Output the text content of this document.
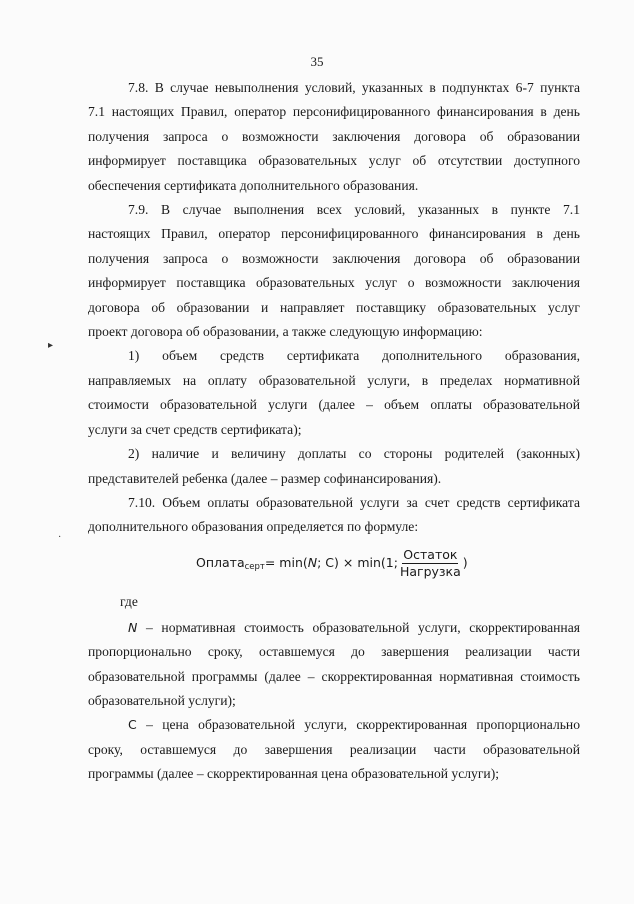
35
▸
·

7.8. В случае невыполнения условий, указанных в подпунктах 6-7 пункта

7.1 настоящих Правил, оператор персонифицированного финансирования в день

получения запроса о возможности заключения договора об образовании

информирует поставщика образовательных услуг об отсутствии доступного

обеспечения сертификата дополнительного образования.

7.9. В случае выполнения всех условий, указанных в пункте 7.1

настоящих Правил, оператор персонифицированного финансирования в день

получения запроса о возможности заключения договора об образовании

информирует поставщика образовательных услуг о возможности заключения

договора об образовании и направляет поставщику образовательных услуг

проект договора об образовании, а также следующую информацию:

1) объем средств сертификата дополнительного образования,

направляемых на оплату образовательной услуги, в пределах нормативной

стоимости образовательной услуги (далее – объем оплаты образовательной

услуги за счет средств сертификата);

2) наличие и величину доплаты со стороны родителей (законных)

представителей ребенка (далее – размер софинансирования).

7.10. Объем оплаты образовательной услуги за счет средств сертификата

дополнительного образования определяется по формуле:

Оплата серт = min( N ; C) × min(1; $\frac{\text{Остаток}}{\text{Нагрузка}}$ )

где

N – нормативная стоимость образовательной услуги, скорректированная

пропорционально сроку, оставшемуся до завершения реализации части

образовательной программы (далее – скорректированная нормативная стоимость

образовательной услуги);

C – цена образовательной услуги, скорректированная пропорционально

сроку, оставшемуся до завершения реализации части образовательной

программы (далее – скорректированная цена образовательной услуги);
